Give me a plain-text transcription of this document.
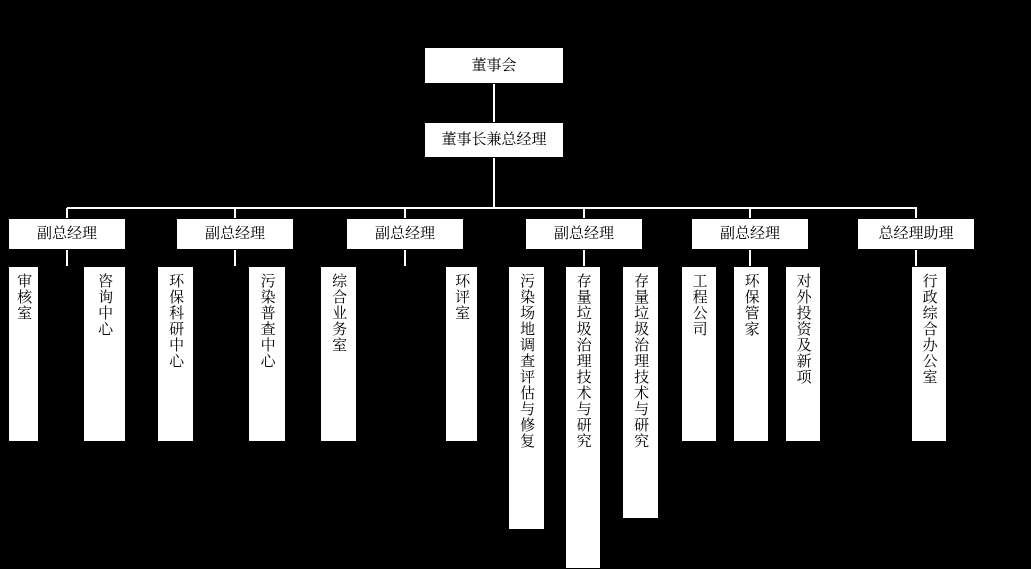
董事会
董事长兼总经理
副总经理	副总经理	副总经理	副总经理	副总经理	总经理助理
审核室	咨询中心	环保科研中心	污染普查中心	综合业务室	环评室	污染场地调查评估与修复	存量垃圾治理技术与研究	存量垃圾治理技术与研究	工程公司	环保管家	对外投资及新项	行政综合办公室
